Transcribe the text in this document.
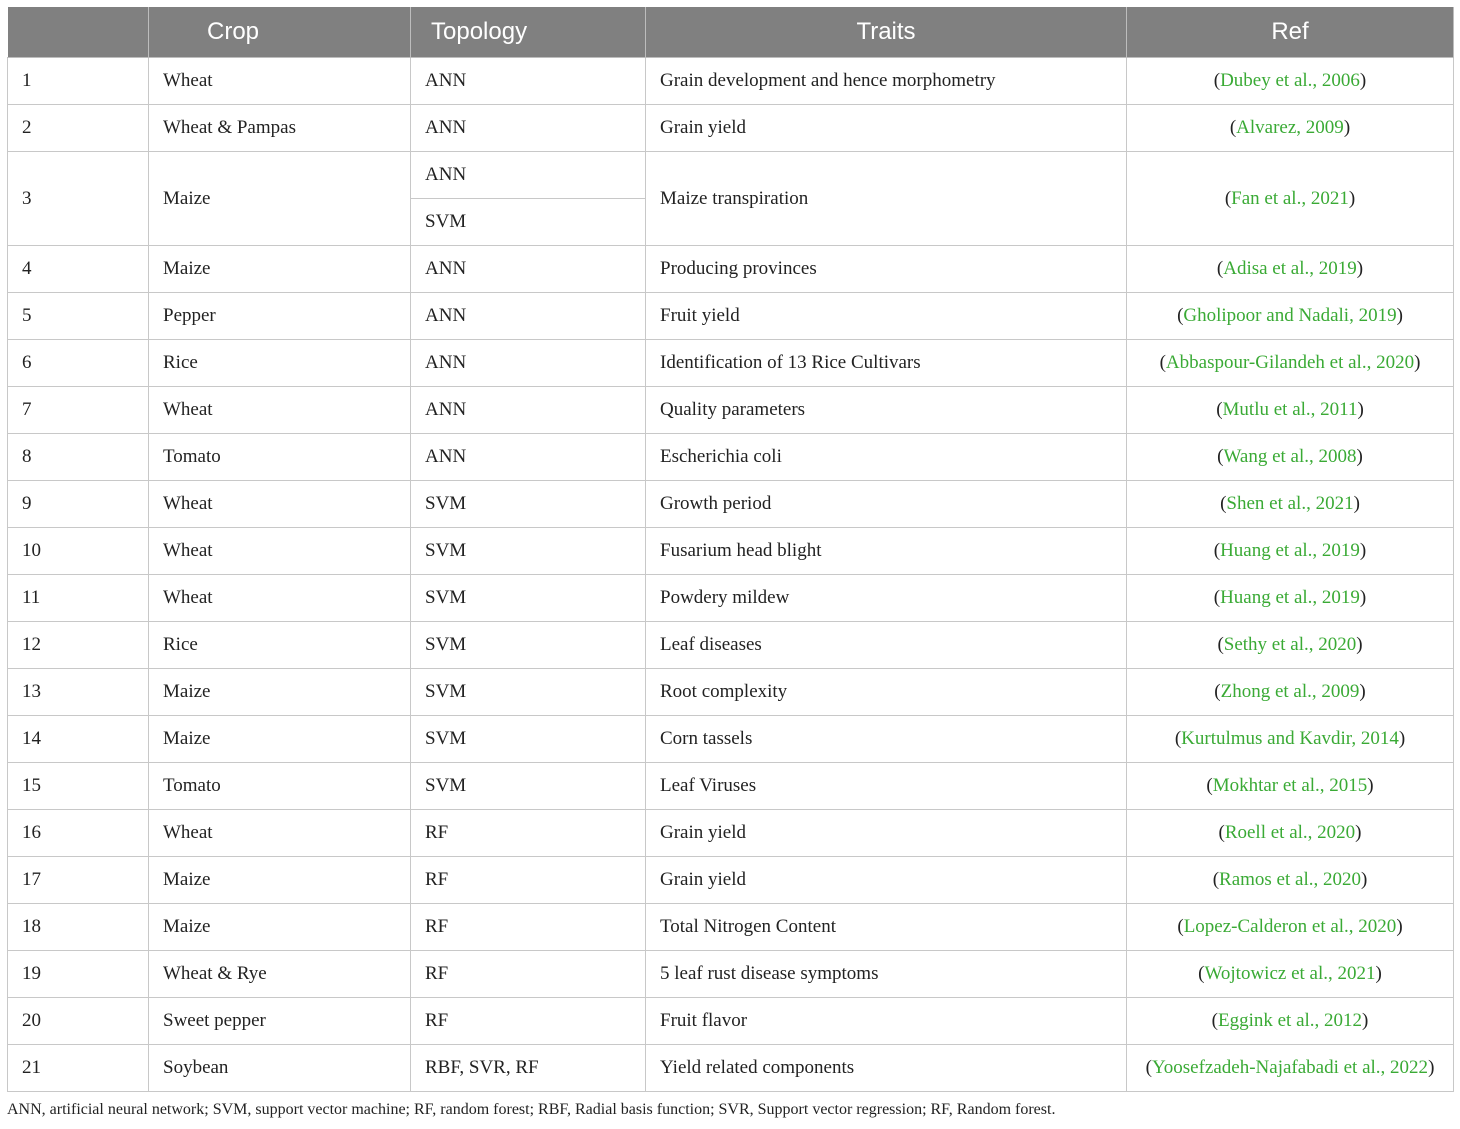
	Crop	Topology	Traits	Ref
1	Wheat	ANN	Grain development and hence morphometry	(Dubey et al., 2006)
2	Wheat & Pampas	ANN	Grain yield	(Alvarez, 2009)
3	Maize	ANN	Maize transpiration	(Fan et al., 2021)
		SVM		
4	Maize	ANN	Producing provinces	(Adisa et al., 2019)
5	Pepper	ANN	Fruit yield	(Gholipoor and Nadali, 2019)
6	Rice	ANN	Identification of 13 Rice Cultivars	(Abbaspour-Gilandeh et al., 2020)
7	Wheat	ANN	Quality parameters	(Mutlu et al., 2011)
8	Tomato	ANN	Escherichia coli	(Wang et al., 2008)
9	Wheat	SVM	Growth period	(Shen et al., 2021)
10	Wheat	SVM	Fusarium head blight	(Huang et al., 2019)
11	Wheat	SVM	Powdery mildew	(Huang et al., 2019)
12	Rice	SVM	Leaf diseases	(Sethy et al., 2020)
13	Maize	SVM	Root complexity	(Zhong et al., 2009)
14	Maize	SVM	Corn tassels	(Kurtulmus and Kavdir, 2014)
15	Tomato	SVM	Leaf Viruses	(Mokhtar et al., 2015)
16	Wheat	RF	Grain yield	(Roell et al., 2020)
17	Maize	RF	Grain yield	(Ramos et al., 2020)
18	Maize	RF	Total Nitrogen Content	(Lopez-Calderon et al., 2020)
19	Wheat & Rye	RF	5 leaf rust disease symptoms	(Wojtowicz et al., 2021)
20	Sweet pepper	RF	Fruit flavor	(Eggink et al., 2012)
21	Soybean	RBF, SVR, RF	Yield related components	(Yoosefzadeh-Najafabadi et al., 2022)
ANN, artificial neural network; SVM, support vector machine; RF, random forest; RBF, Radial basis function; SVR, Support vector regression; RF, Random forest.
